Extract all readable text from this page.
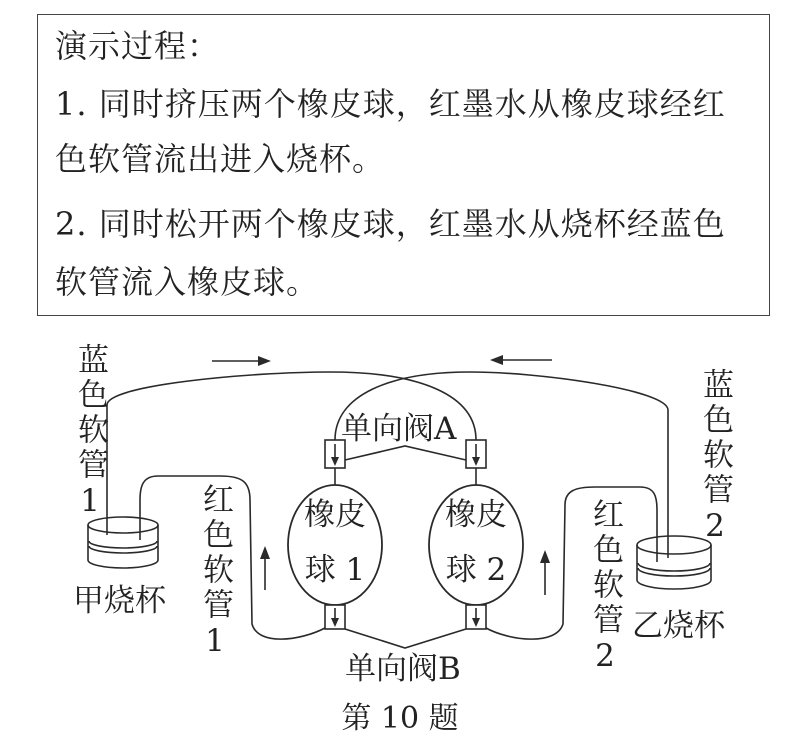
演示过程：
1. 同时挤压两个橡皮球，红墨水从橡皮球经红
色软管流出进入烧杯。
2. 同时松开两个橡皮球，红墨水从烧杯经蓝色
软管流入橡皮球。
蓝色软管1	蓝色软管2
红色软管1	红色软管2
甲烧杯
乙烧杯
单向阀A
单向阀B
橡皮
球 1
橡皮
球 2
第 10 题
